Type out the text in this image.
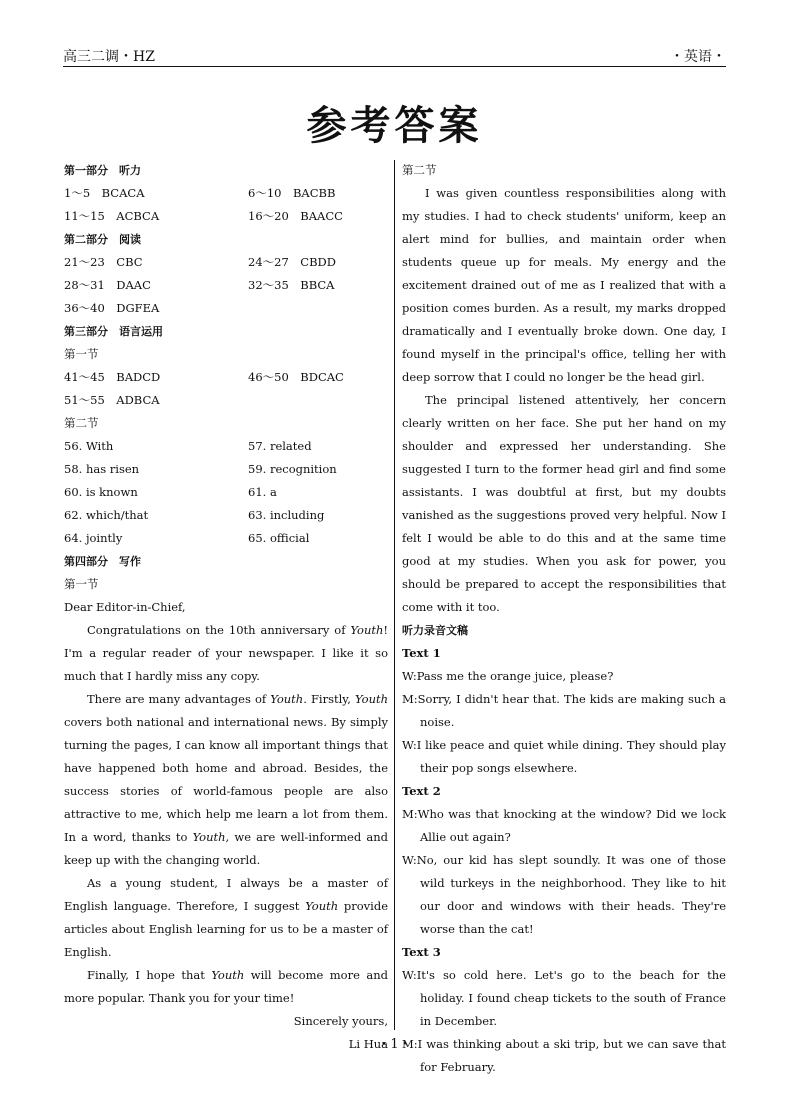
高三二调・HZ	・英语・
参考答案
第一部分　听力
1～5　BCACA	6～10　BACBB
11～15　ACBCA	16～20　BAACC
第二部分　阅读
21～23　CBC	24～27　CBDD
28～31　DAAC	32～35　BBCA
36～40　DGFEA
第三部分　语言运用
第一节
41～45　BADCD	46～50　BDCAC
51～55　ADBCA
第二节
56. With	57. related
58. has risen	59. recognition
60. is known	61. a
62. which/that	63. including
64. jointly	65. official
第四部分　写作
第一节
Dear Editor-in-Chief,
Congratulations on the 10th anniversary of Youth! I'm a regular reader of your newspaper. I like it so much that I hardly miss any copy.
There are many advantages of Youth. Firstly, Youth covers both national and international news. By simply turning the pages, I can know all important things that have happened both home and abroad. Besides, the success stories of world-famous people are also attractive to me, which help me learn a lot from them. In a word, thanks to Youth, we are well-informed and keep up with the changing world.
As a young student, I always be a master of English language. Therefore, I suggest Youth provide articles about English learning for us to be a master of English.
Finally, I hope that Youth will become more and more popular. Thank you for your time!
Sincerely yours,
Li Hua
第二节
I was given countless responsibilities along with my studies. I had to check students' uniform, keep an alert mind for bullies, and maintain order when students queue up for meals. My energy and the excitement drained out of me as I realized that with a position comes burden. As a result, my marks dropped dramatically and I eventually broke down. One day, I found myself in the principal's office, telling her with deep sorrow that I could no longer be the head girl.
The principal listened attentively, her concern clearly written on her face. She put her hand on my shoulder and expressed her understanding. She suggested I turn to the former head girl and find some assistants. I was doubtful at first, but my doubts vanished as the suggestions proved very helpful. Now I felt I would be able to do this and at the same time good at my studies. When you ask for power, you should be prepared to accept the responsibilities that come with it too.
听力录音文稿
Text 1
W:Pass me the orange juice, please?
M:Sorry, I didn't hear that. The kids are making such a noise.
W:I like peace and quiet while dining. They should play their pop songs elsewhere.
Text 2
M:Who was that knocking at the window? Did we lock Allie out again?
W:No, our kid has slept soundly. It was one of those wild turkeys in the neighborhood. They like to hit our door and windows with their heads. They're worse than the cat!
Text 3
W:It's so cold here. Let's go to the beach for the holiday. I found cheap tickets to the south of France in December.
M:I was thinking about a ski trip, but we can save that for February.
・1・
